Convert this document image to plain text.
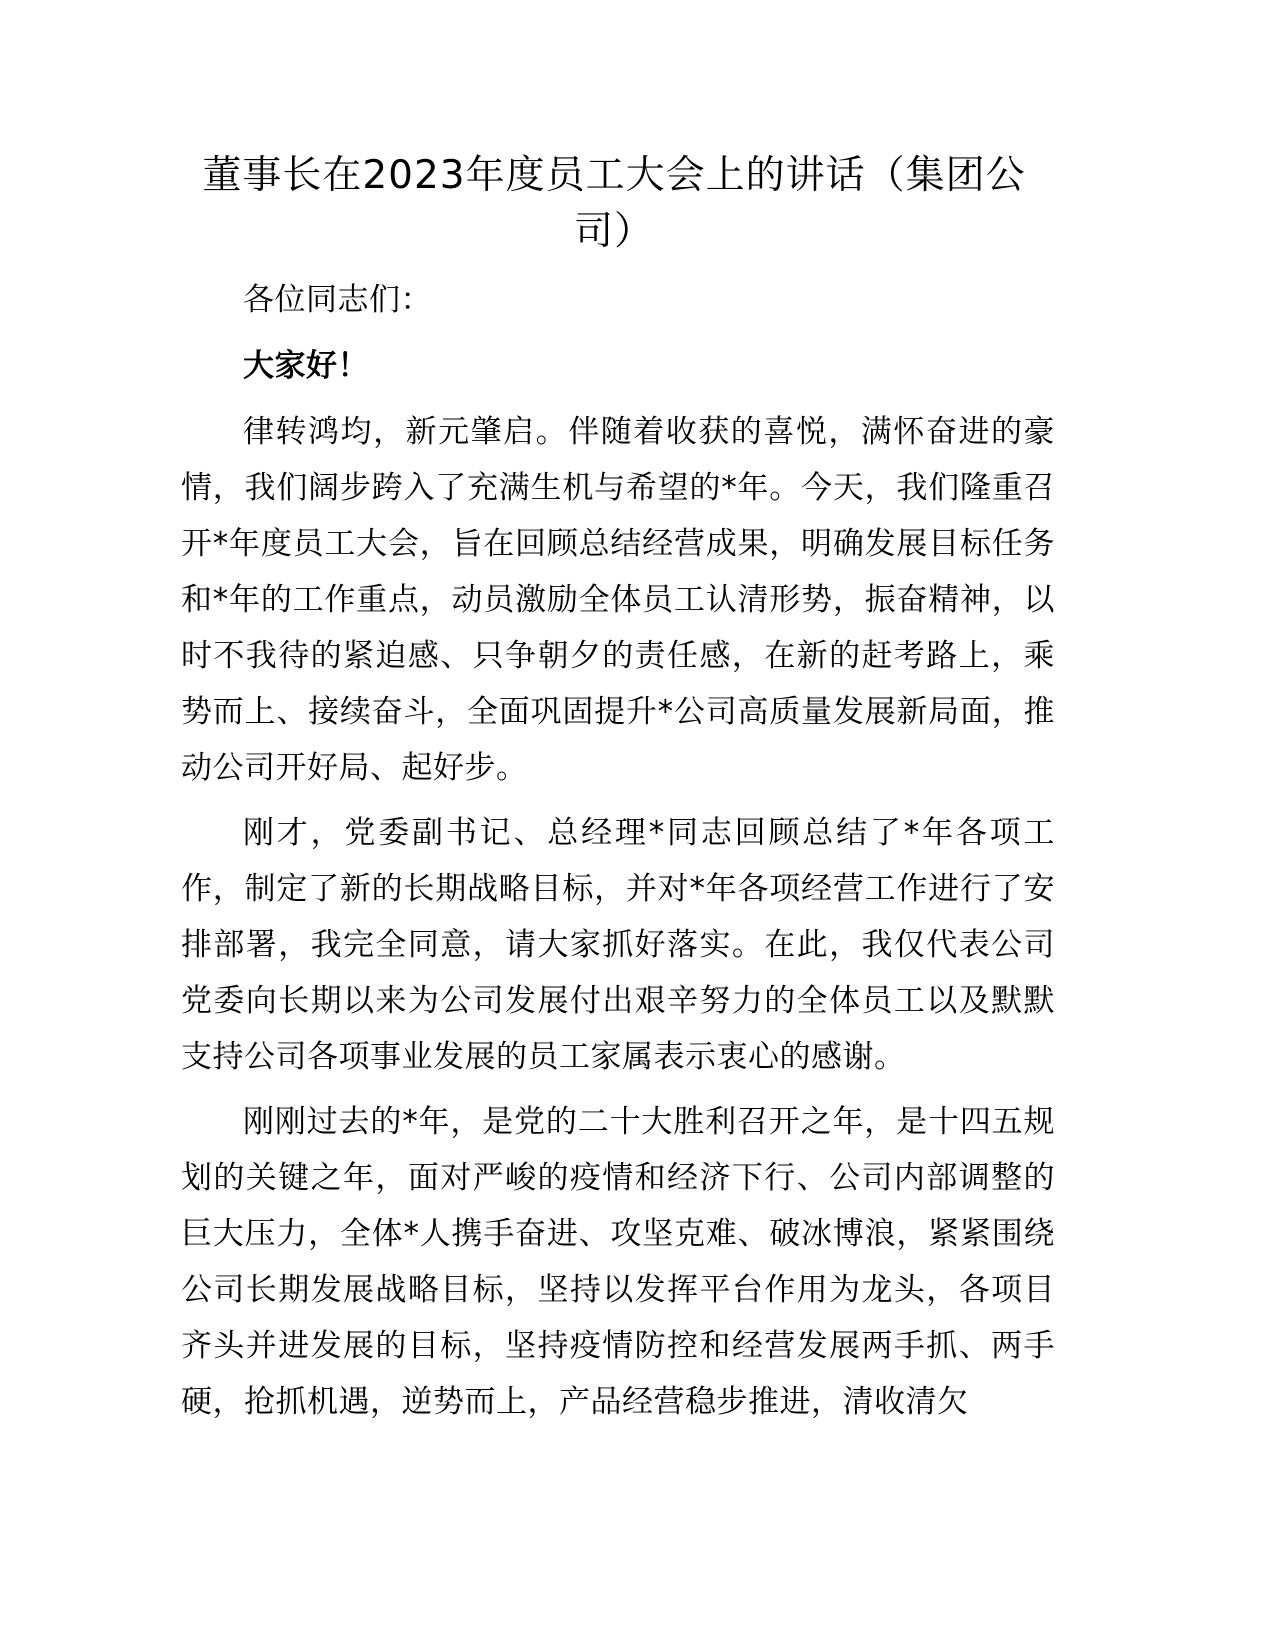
董事长在2023年度员工大会上的讲话（集团公司）

各位同志们：

大家好！

律转鸿均，新元肇启。伴随着收获的喜悦，满怀奋进的豪情，我们阔步跨入了充满生机与希望的*年。今天，我们隆重召开*年度员工大会，旨在回顾总结经营成果，明确发展目标任务和*年的工作重点，动员激励全体员工认清形势，振奋精神，以时不我待的紧迫感、只争朝夕的责任感，在新的赶考路上，乘势而上、接续奋斗，全面巩固提升*公司高质量发展新局面，推动公司开好局、起好步。

刚才，党委副书记、总经理*同志回顾总结了*年各项工作，制定了新的长期战略目标，并对*年各项经营工作进行了安排部署，我完全同意，请大家抓好落实。在此，我仅代表公司党委向长期以来为公司发展付出艰辛努力的全体员工以及默默支持公司各项事业发展的员工家属表示衷心的感谢。

刚刚过去的*年，是党的二十大胜利召开之年，是十四五规划的关键之年，面对严峻的疫情和经济下行、公司内部调整的巨大压力，全体*人携手奋进、攻坚克难、破冰博浪，紧紧围绕公司长期发展战略目标，坚持以发挥平台作用为龙头，各项目齐头并进发展的目标，坚持疫情防控和经营发展两手抓、两手硬，抢抓机遇，逆势而上，产品经营稳步推进，清收清欠
